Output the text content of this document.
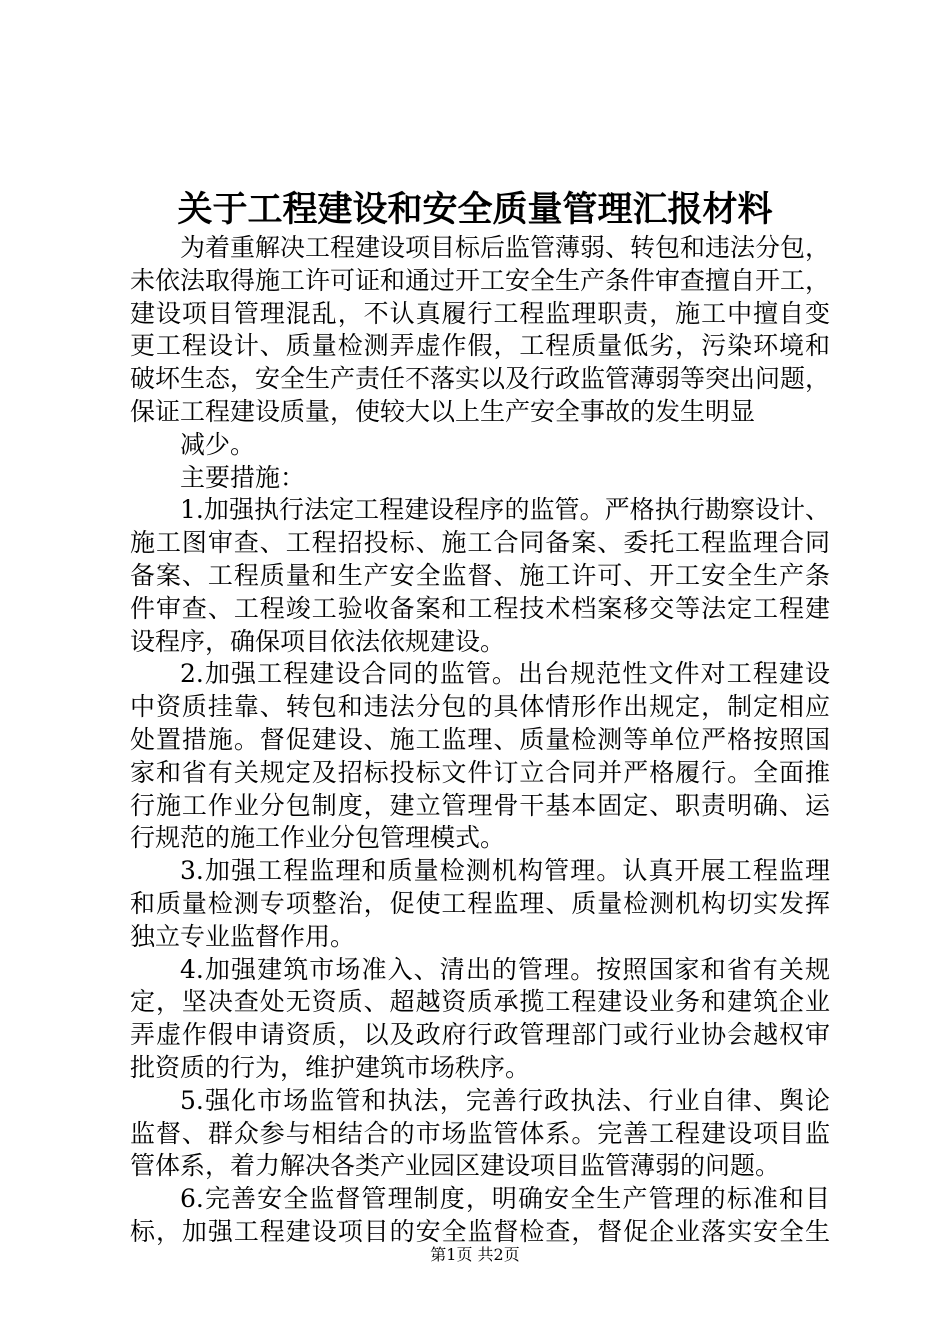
关于工程建设和安全质量管理汇报材料
为着重解决工程建设项目标后监管薄弱、转包和违法分包，
未依法取得施工许可证和通过开工安全生产条件审查擅自开工，
建设项目管理混乱，不认真履行工程监理职责，施工中擅自变
更工程设计、质量检测弄虚作假，工程质量低劣，污染环境和
破坏生态，安全生产责任不落实以及行政监管薄弱等突出问题，
保证工程建设质量，使较大以上生产安全事故的发生明显
减少。
主要措施：
1.加强执行法定工程建设程序的监管。严格执行勘察设计、
施工图审查、工程招投标、施工合同备案、委托工程监理合同
备案、工程质量和生产安全监督、施工许可、开工安全生产条
件审查、工程竣工验收备案和工程技术档案移交等法定工程建
设程序，确保项目依法依规建设。
2.加强工程建设合同的监管。出台规范性文件对工程建设
中资质挂靠、转包和违法分包的具体情形作出规定，制定相应
处置措施。督促建设、施工监理、质量检测等单位严格按照国
家和省有关规定及招标投标文件订立合同并严格履行。全面推
行施工作业分包制度，建立管理骨干基本固定、职责明确、运
行规范的施工作业分包管理模式。
3.加强工程监理和质量检测机构管理。认真开展工程监理
和质量检测专项整治，促使工程监理、质量检测机构切实发挥
独立专业监督作用。
4.加强建筑市场准入、清出的管理。按照国家和省有关规
定，坚决查处无资质、超越资质承揽工程建设业务和建筑企业
弄虚作假申请资质，以及政府行政管理部门或行业协会越权审
批资质的行为，维护建筑市场秩序。
5.强化市场监管和执法，完善行政执法、行业自律、舆论
监督、群众参与相结合的市场监管体系。完善工程建设项目监
管体系，着力解决各类产业园区建设项目监管薄弱的问题。
6.完善安全监督管理制度，明确安全生产管理的标准和目
标，加强工程建设项目的安全监督检查，督促企业落实安全生
第1页 共2页
